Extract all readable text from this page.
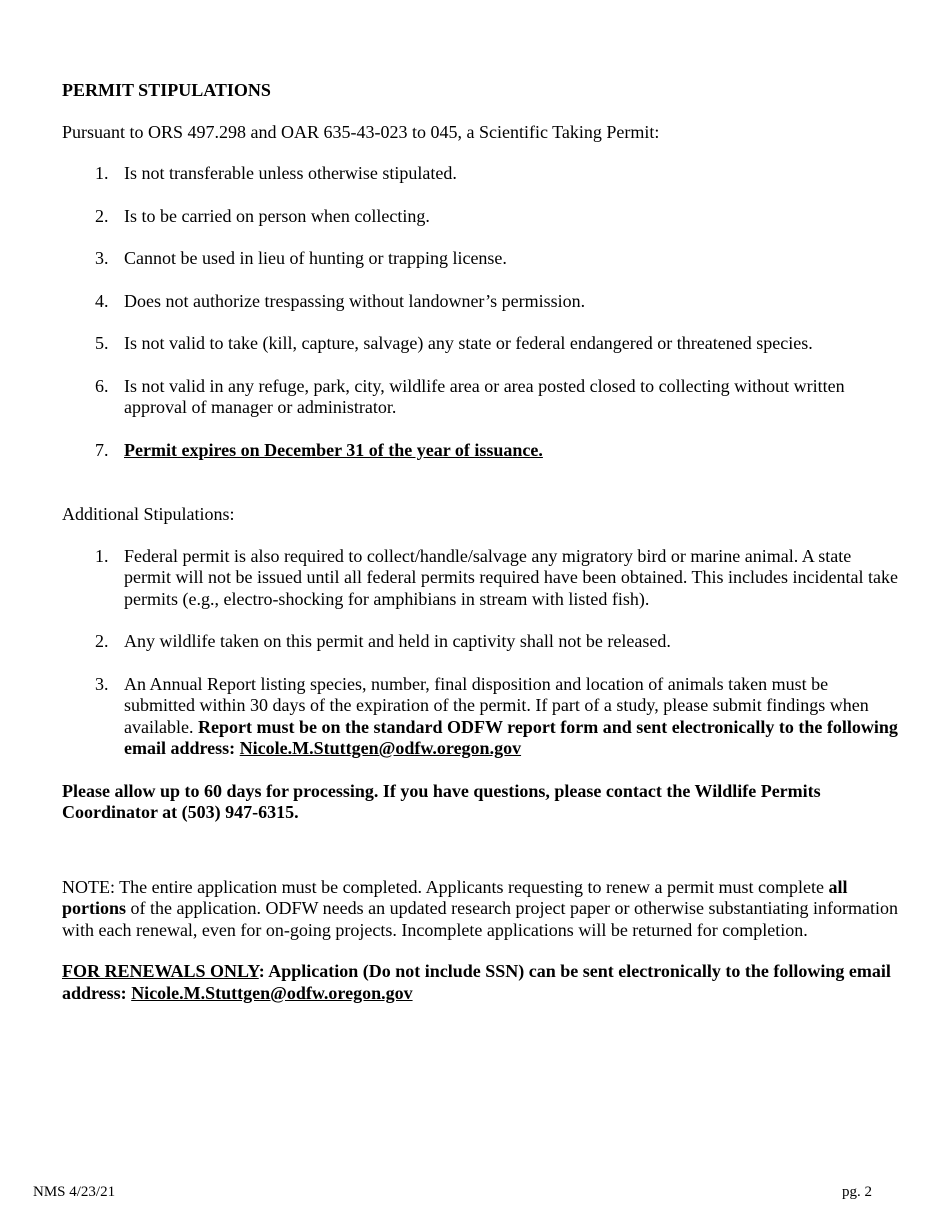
PERMIT STIPULATIONS
Pursuant to ORS 497.298 and OAR 635-43-023 to 045, a Scientific Taking Permit:
1. Is not transferable unless otherwise stipulated.
2. Is to be carried on person when collecting.
3. Cannot be used in lieu of hunting or trapping license.
4. Does not authorize trespassing without landowner’s permission.
5. Is not valid to take (kill, capture, salvage) any state or federal endangered or threatened species.
6. Is not valid in any refuge, park, city, wildlife area or area posted closed to collecting without written approval of manager or administrator.
7. Permit expires on December 31 of the year of issuance.
Additional Stipulations:
1. Federal permit is also required to collect/handle/salvage any migratory bird or marine animal. A state permit will not be issued until all federal permits required have been obtained. This includes incidental take permits (e.g., electro-shocking for amphibians in stream with listed fish).
2. Any wildlife taken on this permit and held in captivity shall not be released.
3. An Annual Report listing species, number, final disposition and location of animals taken must be submitted within 30 days of the expiration of the permit. If part of a study, please submit findings when available. Report must be on the standard ODFW report form and sent electronically to the following email address: Nicole.M.Stuttgen@odfw.oregon.gov
Please allow up to 60 days for processing. If you have questions, please contact the Wildlife Permits Coordinator at (503) 947-6315.
NOTE: The entire application must be completed. Applicants requesting to renew a permit must complete all portions of the application. ODFW needs an updated research project paper or otherwise substantiating information with each renewal, even for on-going projects. Incomplete applications will be returned for completion.
FOR RENEWALS ONLY: Application (Do not include SSN) can be sent electronically to the following email address: Nicole.M.Stuttgen@odfw.oregon.gov
NMS 4/23/21	pg. 2
